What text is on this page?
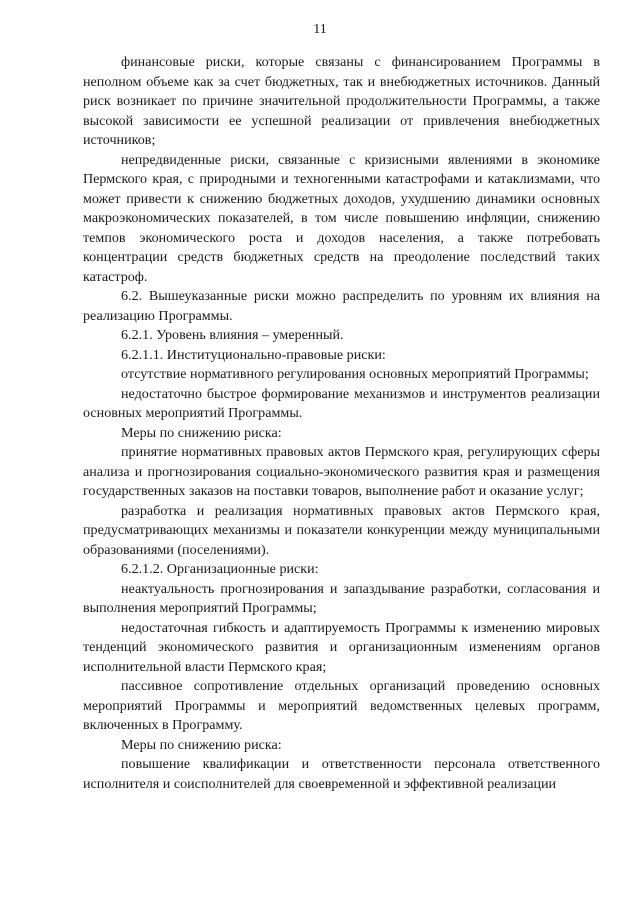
11

финансовые риски, которые связаны с финансированием Программы в неполном объеме как за счет бюджетных, так и внебюджетных источников. Данный риск возникает по причине значительной продолжительности Программы, а также высокой зависимости ее успешной реализации от привлечения внебюджетных источников;

непредвиденные риски, связанные с кризисными явлениями в экономике Пермского края, с природными и техногенными катастрофами и катаклизмами, что может привести к снижению бюджетных доходов, ухудшению динамики основных макроэкономических показателей, в том числе повышению инфляции, снижению темпов экономического роста и доходов населения, а также потребовать концентрации средств бюджетных средств на преодоление последствий таких катастроф.

6.2. Вышеуказанные риски можно распределить по уровням их влияния на реализацию Программы.

6.2.1. Уровень влияния – умеренный.

6.2.1.1. Институционально-правовые риски:

отсутствие нормативного регулирования основных мероприятий Программы;

недостаточно быстрое формирование механизмов и инструментов реализации основных мероприятий Программы.

Меры по снижению риска:

принятие нормативных правовых актов Пермского края, регулирующих сферы анализа и прогнозирования социально-экономического развития края и размещения государственных заказов на поставки товаров, выполнение работ и оказание услуг;

разработка и реализация нормативных правовых актов Пермского края, предусматривающих механизмы и показатели конкуренции между муниципальными образованиями (поселениями).

6.2.1.2. Организационные риски:

неактуальность прогнозирования и запаздывание разработки, согласования и выполнения мероприятий Программы;

недостаточная гибкость и адаптируемость Программы к изменению мировых тенденций экономического развития и организационным изменениям органов исполнительной власти Пермского края;

пассивное сопротивление отдельных организаций проведению основных мероприятий Программы и мероприятий ведомственных целевых программ, включенных в Программу.

Меры по снижению риска:

повышение квалификации и ответственности персонала ответственного исполнителя и соисполнителей для своевременной и эффективной реализации
